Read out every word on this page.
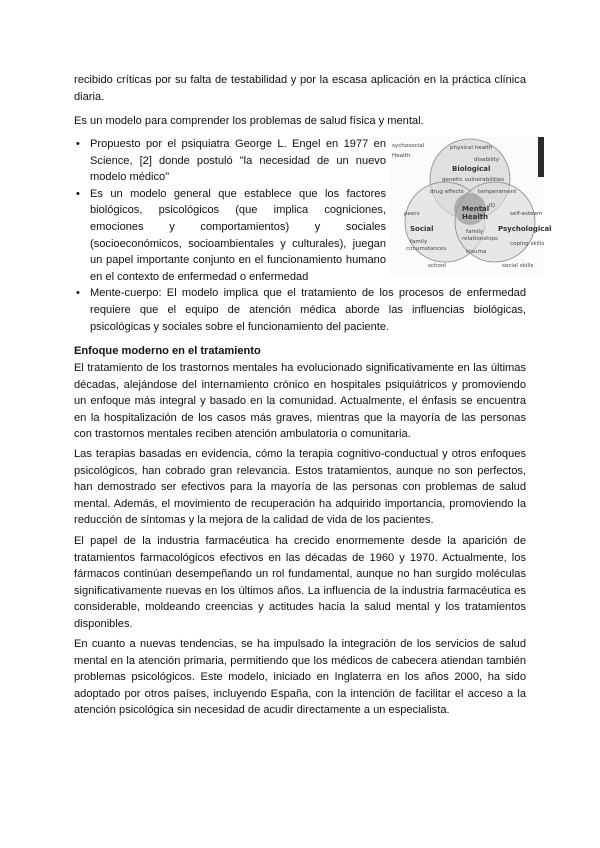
recibido críticas por su falta de testabilidad y por la escasa aplicación en la práctica clínica diaria.

Es un modelo para comprender los problemas de salud física y mental.

• Propuesto por el psiquiatra George L. Engel en 1977 en Science, [2] donde postuló "la necesidad de un nuevo modelo médico"
• Es un modelo general que establece que los factores biológicos, psicológicos (que implica cogniciones, emociones y comportamientos) y sociales (socioeconómicos, socioambientales y culturales), juegan un papel importante conjunto en el funcionamiento humano en el contexto de enfermedad o enfermedad
• Mente-cuerpo: El modelo implica que el tratamiento de los procesos de enfermedad requiere que el equipo de atención médica aborde las influencias biológicas, psicológicas y sociales sobre el funcionamiento del paciente.
sychosocial
Health
physical health
disability
Biological
genetic vulnerabilities
drug effects	temperament
Mental
Health
IQ
peers	self-esteem
Social	Psychological
family
relationships
family
circumstances
coping skills
trauma
school	social skills

Enfoque moderno en el tratamiento

El tratamiento de los trastornos mentales ha evolucionado significativamente en las últimas décadas, alejándose del internamiento crónico en hospitales psiquiátricos y promoviendo un enfoque más integral y basado en la comunidad. Actualmente, el énfasis se encuentra en la hospitalización de los casos más graves, mientras que la mayoría de las personas con trastornos mentales reciben atención ambulatoria o comunitaria.

Las terapias basadas en evidencia, cómo la terapia cognitivo-conductual y otros enfoques psicológicos, han cobrado gran relevancia. Estos tratamientos, aunque no son perfectos, han demostrado ser efectivos para la mayoría de las personas con problemas de salud mental. Además, el movimiento de recuperación ha adquirido importancia, promoviendo la reducción de síntomas y la mejora de la calidad de vida de los pacientes.

El papel de la industria farmacéutica ha crecido enormemente desde la aparición de tratamientos farmacológicos efectivos en las décadas de 1960 y 1970. Actualmente, los fármacos continúan desempeñando un rol fundamental, aunque no han surgido moléculas significativamente nuevas en los últimos años. La influencia de la industria farmacéutica es considerable, moldeando creencias y actitudes hacia la salud mental y los tratamientos disponibles.

En cuanto a nuevas tendencias, se ha impulsado la integración de los servicios de salud mental en la atención primaria, permitiendo que los médicos de cabecera atiendan también problemas psicológicos. Este modelo, iniciado en Inglaterra en los años 2000, ha sido adoptado por otros países, incluyendo España, con la intención de facilitar el acceso a la atención psicológica sin necesidad de acudir directamente a un especialista.
